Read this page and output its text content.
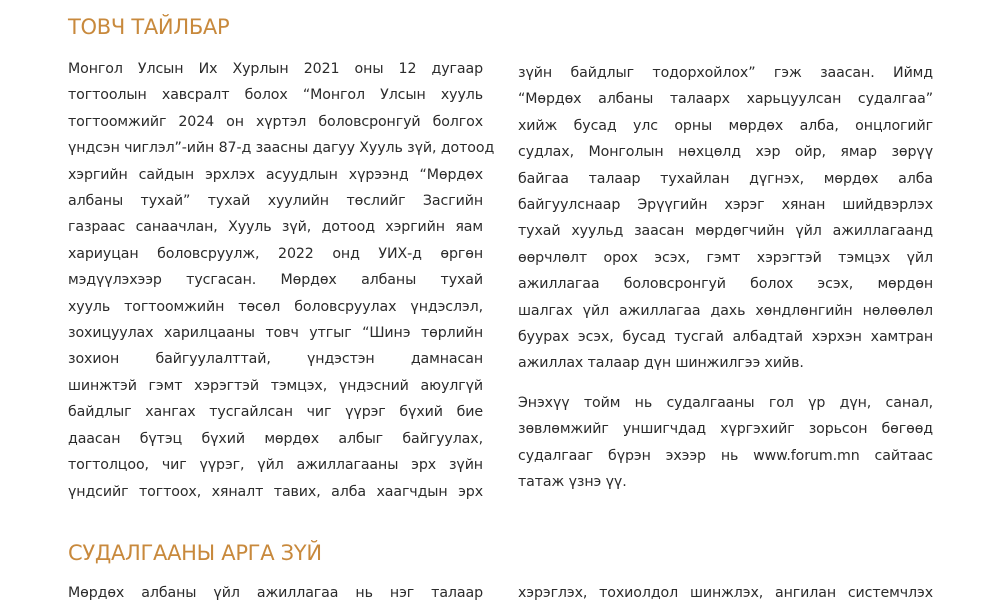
ТОВЧ ТАЙЛБАР

Монгол Улсын Их Хурлын 2021 оны 12 дугаар
тогтоолын хавсралт болох “Монгол Улсын хууль
тогтоомжийг 2024 он хүртэл боловсронгуй болгох
үндсэн чиглэл”-ийн 87-д заасны дагуу Хууль зүй, дотоод
хэргийн сайдын эрхлэх асуудлын хүрээнд “Мөрдөх
албаны тухай” тухай хуулийн төслийг Засгийн
газраас санаачлан, Хууль зүй, дотоод хэргийн яам
хариуцан боловсруулж, 2022 онд УИХ-д өргөн
мэдүүлэхээр тусгасан. Мөрдөх албаны тухай
хууль тогтоомжийн төсөл боловсруулах үндэслэл,
зохицуулах харилцааны товч утгыг “Шинэ төрлийн
зохион байгуулалттай, үндэстэн дамнасан
шинжтэй гэмт хэрэгтэй тэмцэх, үндэсний аюулгүй
байдлыг хангах тусгайлсан чиг үүрэг бүхий бие
даасан бүтэц бүхий мөрдөх албыг байгуулах,
тогтолцоо, чиг үүрэг, үйл ажиллагааны эрх зүйн
үндсийг тогтоох, хяналт тавих, алба хаагчдын эрх

зүйн байдлыг тодорхойлох” гэж заасан. Иймд
“Мөрдөх албаны талаарх харьцуулсан судалгаа”
хийж бусад улс орны мөрдөх алба, онцлогийг
судлах, Монголын нөхцөлд хэр ойр, ямар зөрүү
байгаа талаар тухайлан дүгнэх, мөрдөх алба
байгуулснаар Эрүүгийн хэрэг хянан шийдвэрлэх
тухай хуульд заасан мөрдөгчийн үйл ажиллагаанд
өөрчлөлт орох эсэх, гэмт хэрэгтэй тэмцэх үйл
ажиллагаа боловсронгуй болох эсэх, мөрдөн
шалгах үйл ажиллагаа дахь хөндлөнгийн нөлөөлөл
буурах эсэх, бусад тусгай албадтай хэрхэн хамтран
ажиллах талаар дүн шинжилгээ хийв.

Энэхүү тойм нь судалгааны гол үр дүн, санал,
зөвлөмжийг уншигчдад хүргэхийг зорьсон бөгөөд
судалгааг бүрэн эхээр нь www.forum.mn сайтаас
татаж үзнэ үү.

СУДАЛГААНЫ АРГА ЗҮЙ

Мөрдөх албаны үйл ажиллагаа нь нэг талаар хэрэглэх, тохиолдол шинжлэх, ангилан системчлэх
